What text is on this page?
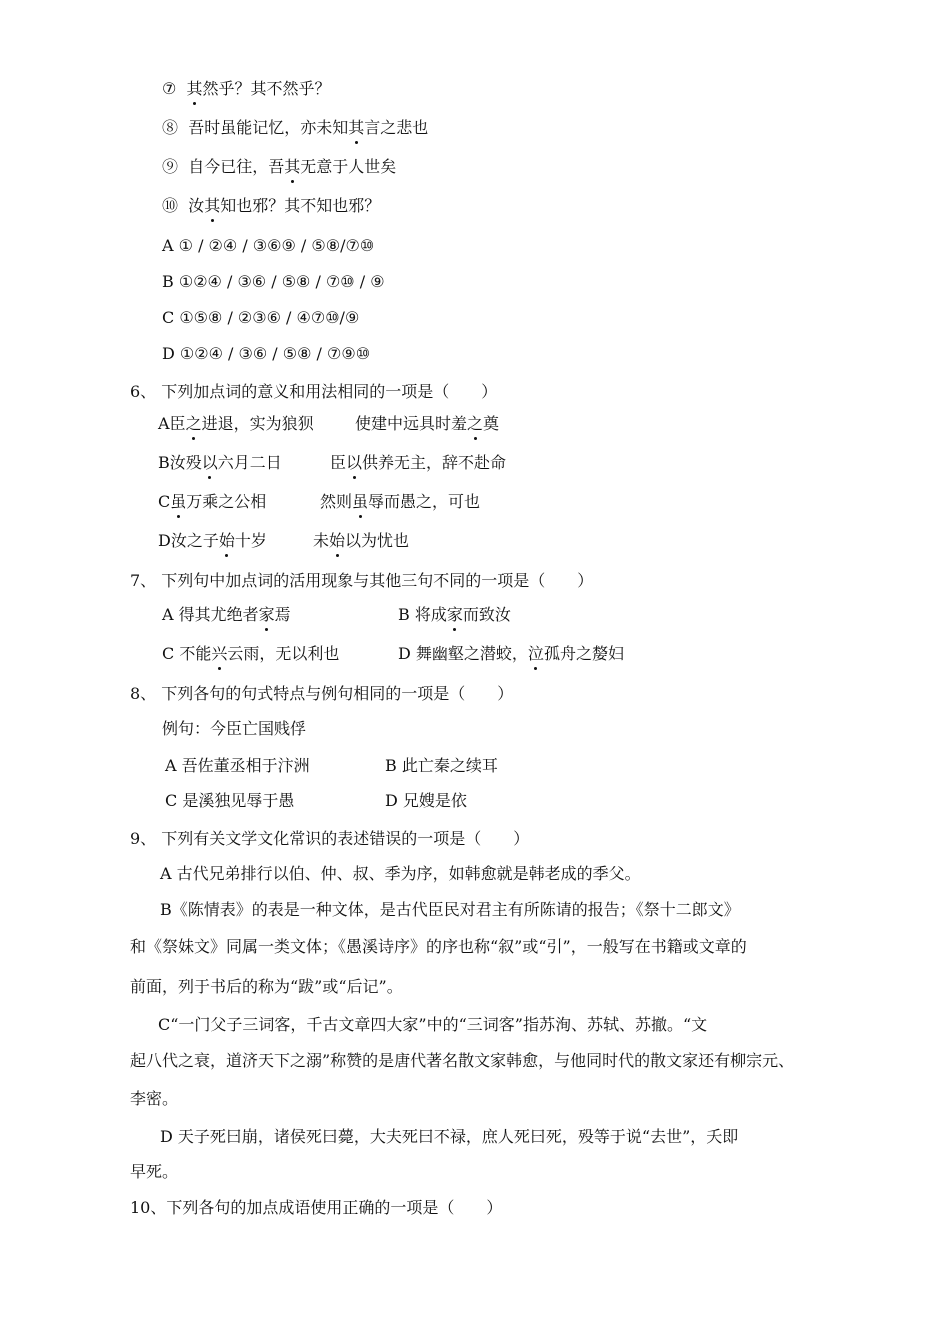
⑦ 其然乎？其不然乎？
⑧ 吾时虽能记忆，亦未知其言之悲也
⑨ 自今已往，吾其无意于人世矣
⑩ 汝其知也邪？其不知也邪？
A ① / ②④ / ③⑥⑨ / ⑤⑧/⑦⑩
B ①②④ / ③⑥ / ⑤⑧ / ⑦⑩ / ⑨
C ①⑤⑧ / ②③⑥ / ④⑦⑩/⑨
D ①②④ / ③⑥ / ⑤⑧ / ⑦⑨⑩
6、 下列加点词的意义和用法相同的一项是（　　）
A臣之进退，实为狼狈	使建中远具时羞之奠
B汝殁以六月二日	臣以供养无主，辞不赴命
C虽万乘之公相	然则虽辱而愚之，可也
D汝之子始十岁	未始以为忧也
7、 下列句中加点词的活用现象与其他三句不同的一项是（　　）
A 得其尤绝者家焉	B 将成家而致汝
C 不能兴云雨，无以利也	D 舞幽壑之潜蛟，泣孤舟之嫠妇
8、 下列各句的句式特点与例句相同的一项是（　　）
例句：今臣亡国贱俘
A 吾佐董丞相于汴洲	B 此亡秦之续耳
C 是溪独见辱于愚	D 兄嫂是依
9、 下列有关文学文化常识的表述错误的一项是（　　）
A 古代兄弟排行以伯、仲、叔、季为序，如韩愈就是韩老成的季父。
B《陈情表》的表是一种文体，是古代臣民对君主有所陈请的报告；《祭十二郎文》
和《祭妹文》同属一类文体；《愚溪诗序》的序也称“叙”或“引”，一般写在书籍或文章的
前面，列于书后的称为“跋”或“后记”。
C“一门父子三词客，千古文章四大家”中的“三词客”指苏洵、苏轼、苏撤。“文
起八代之衰，道济天下之溺”称赞的是唐代著名散文家韩愈，与他同时代的散文家还有柳宗元、
李密。
D 天子死曰崩，诸侯死曰薨，大夫死曰不禄，庶人死曰死，殁等于说“去世”，夭即
早死。
10、下列各句的加点成语使用正确的一项是（　　）
